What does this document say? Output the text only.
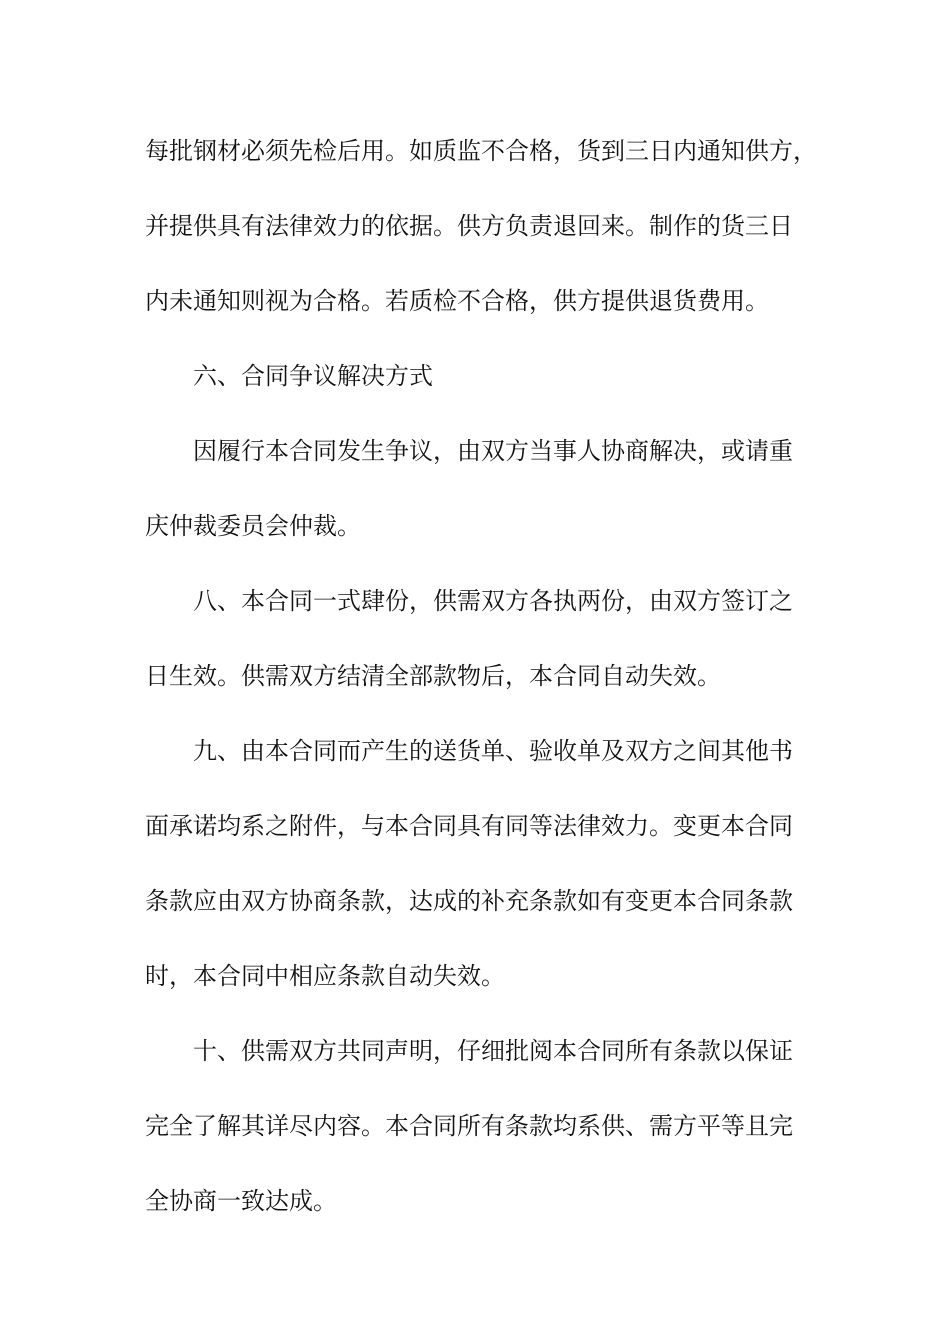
每批钢材必须先检后用。如质监不合格，货到三日内通知供方，
并提供具有法律效力的依据。供方负责退回来。制作的货三日
内未通知则视为合格。若质检不合格，供方提供退货费用。
六、合同争议解决方式
因履行本合同发生争议，由双方当事人协商解决，或请重
庆仲裁委员会仲裁。
八、本合同一式肆份，供需双方各执两份，由双方签订之
日生效。供需双方结清全部款物后，本合同自动失效。
九、由本合同而产生的送货单、验收单及双方之间其他书
面承诺均系之附件，与本合同具有同等法律效力。变更本合同
条款应由双方协商条款，达成的补充条款如有变更本合同条款
时，本合同中相应条款自动失效。
十、供需双方共同声明，仔细批阅本合同所有条款以保证
完全了解其详尽内容。本合同所有条款均系供、需方平等且完
全协商一致达成。
